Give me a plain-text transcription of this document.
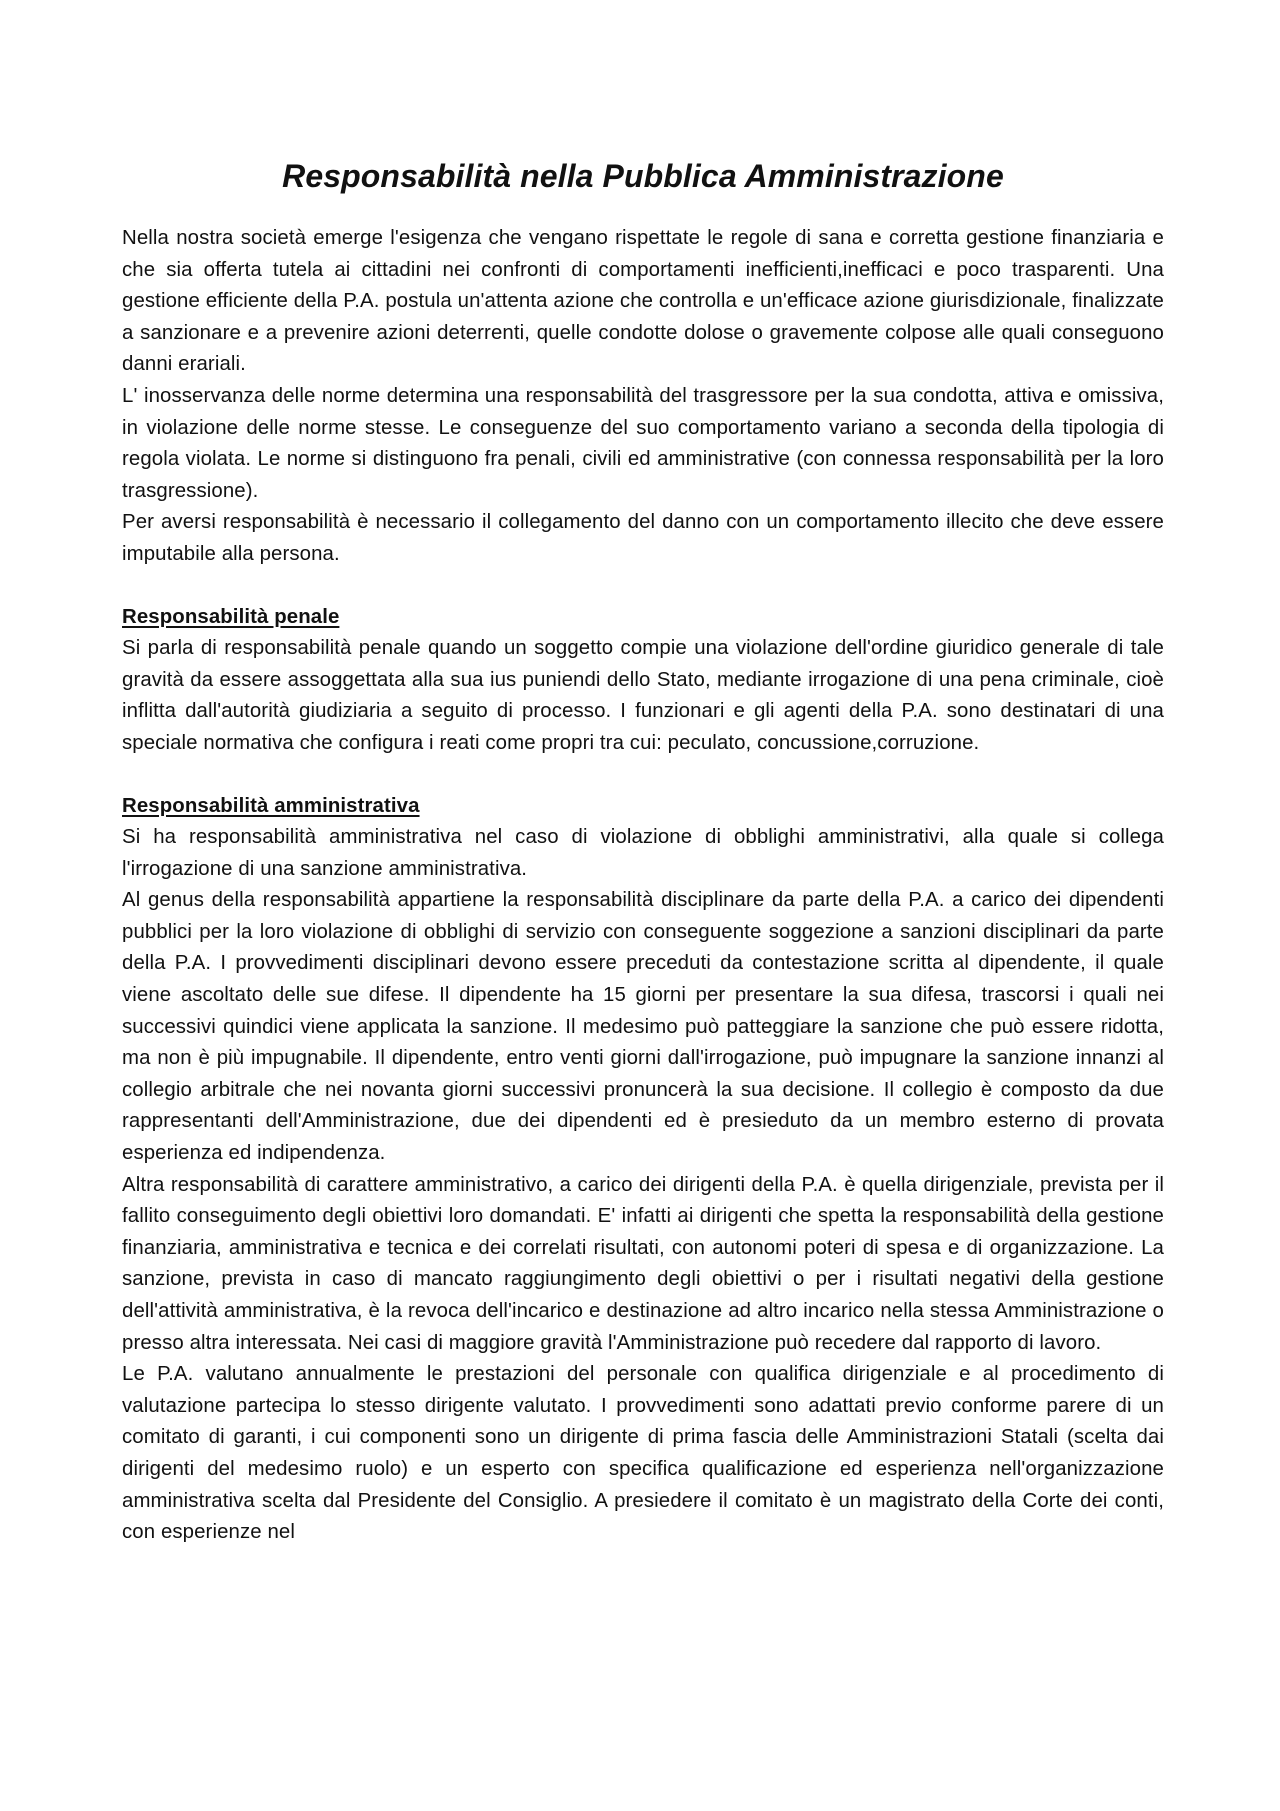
Responsabilità nella Pubblica Amministrazione

Nella nostra società emerge l'esigenza che vengano rispettate le regole di sana e corretta gestione finanziaria e che sia offerta tutela ai cittadini nei confronti di comportamenti inefficienti,inefficaci e poco trasparenti. Una gestione efficiente della P.A. postula un'attenta azione che controlla e un'efficace azione giurisdizionale, finalizzate a sanzionare e a prevenire azioni deterrenti, quelle condotte dolose o gravemente colpose alle quali conseguono danni erariali.

L' inosservanza delle norme determina una responsabilità del trasgressore per la sua condotta, attiva e omissiva, in violazione delle norme stesse. Le conseguenze del suo comportamento variano a seconda della tipologia di regola violata. Le norme si distinguono fra penali, civili ed amministrative (con connessa responsabilità per la loro trasgressione).

Per aversi responsabilità è necessario il collegamento del danno con un comportamento illecito che deve essere imputabile alla persona.

Responsabilità penale

Si parla di responsabilità penale quando un soggetto compie una violazione dell'ordine giuridico generale di tale gravità da essere assoggettata alla sua ius puniendi dello Stato, mediante irrogazione di una pena criminale, cioè inflitta dall'autorità giudiziaria a seguito di processo. I funzionari e gli agenti della P.A. sono destinatari di una speciale normativa che configura i reati come propri tra cui: peculato, concussione,corruzione.

Responsabilità amministrativa

Si ha responsabilità amministrativa nel caso di violazione di obblighi amministrativi, alla quale si collega l'irrogazione di una sanzione amministrativa.

Al genus della responsabilità appartiene la responsabilità disciplinare da parte della P.A. a carico dei dipendenti pubblici per la loro violazione di obblighi di servizio con conseguente soggezione a sanzioni disciplinari da parte della P.A. I provvedimenti disciplinari devono essere preceduti da contestazione scritta al dipendente, il quale viene ascoltato delle sue difese. Il dipendente ha 15 giorni per presentare la sua difesa, trascorsi i quali nei successivi quindici viene applicata la sanzione. Il medesimo può patteggiare la sanzione che può essere ridotta, ma non è più impugnabile. Il dipendente, entro venti giorni dall'irrogazione, può impugnare la sanzione innanzi al collegio arbitrale che nei novanta giorni successivi pronuncerà la sua decisione. Il collegio è composto da due rappresentanti dell'Amministrazione, due dei dipendenti ed è presieduto da un membro esterno di provata esperienza ed indipendenza.

Altra responsabilità di carattere amministrativo, a carico dei dirigenti della P.A. è quella dirigenziale, prevista per il fallito conseguimento degli obiettivi loro domandati. E' infatti ai dirigenti che spetta la responsabilità della gestione finanziaria, amministrativa e tecnica e dei correlati risultati, con autonomi poteri di spesa e di organizzazione. La sanzione, prevista in caso di mancato raggiungimento degli obiettivi o per i risultati negativi della gestione dell'attività amministrativa, è la revoca dell'incarico e destinazione ad altro incarico nella stessa Amministrazione o presso altra interessata. Nei casi di maggiore gravità l'Amministrazione può recedere dal rapporto di lavoro.

Le P.A. valutano annualmente le prestazioni del personale con qualifica dirigenziale e al procedimento di valutazione partecipa lo stesso dirigente valutato. I provvedimenti sono adattati previo conforme parere di un comitato di garanti, i cui componenti sono un dirigente di prima fascia delle Amministrazioni Statali (scelta dai dirigenti del medesimo ruolo) e un esperto con specifica qualificazione ed esperienza nell'organizzazione amministrativa scelta dal Presidente del Consiglio. A presiedere il comitato è un magistrato della Corte dei conti, con esperienze nel
